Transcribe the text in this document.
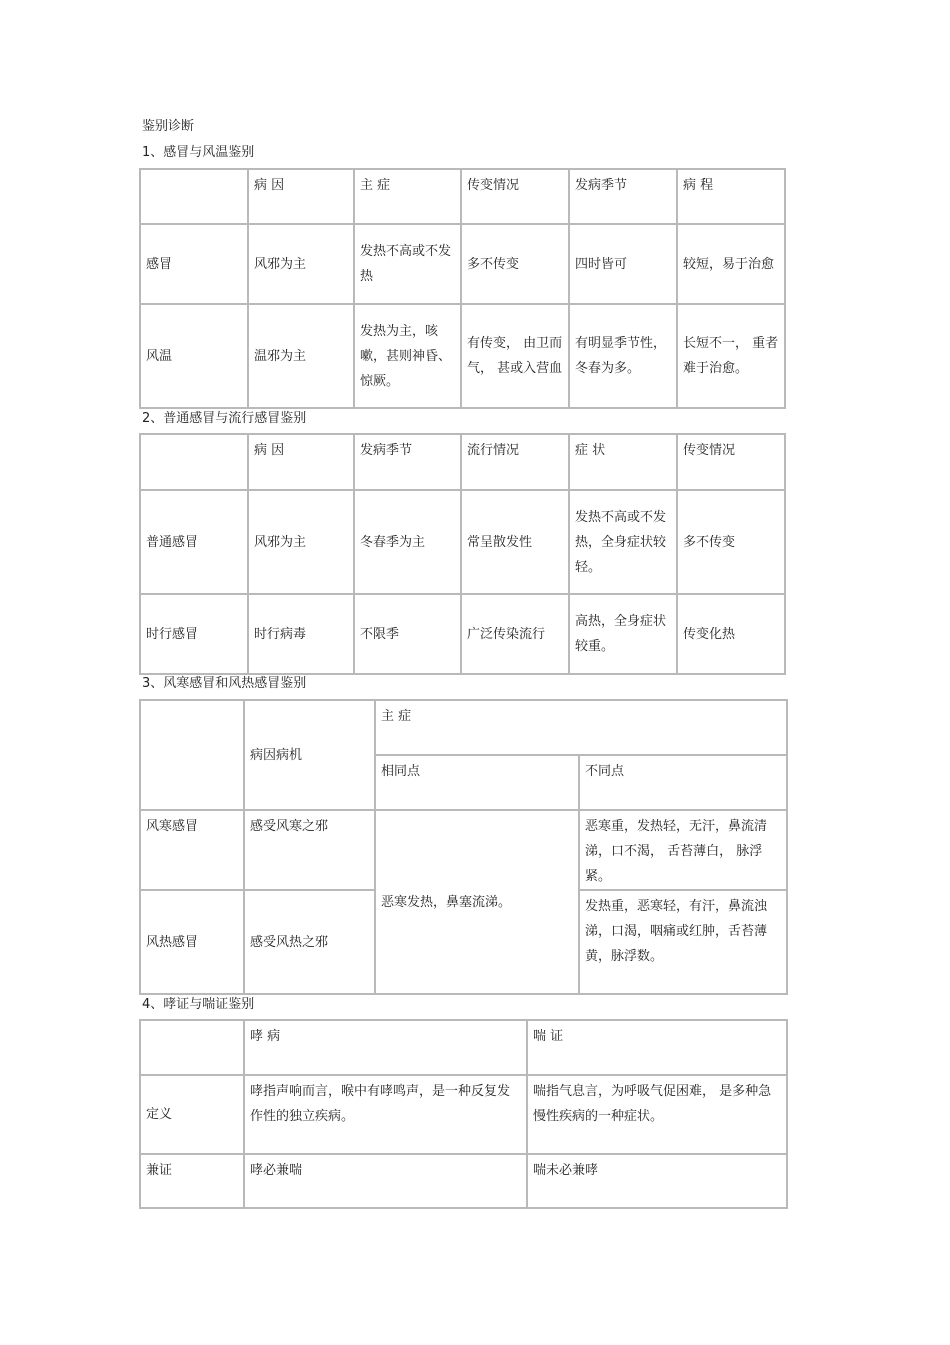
鉴别诊断
1、感冒与风温鉴别
	病 因	主 症	传变情况	发病季节	病 程
感冒	风邪为主	发热不高或不发热	多不传变	四时皆可	较短，易于治愈
风温	温邪为主	发热为主，咳嗽，甚则神昏、惊厥。	有传变， 由卫而气， 甚或入营血	有明显季节性，冬春为多。	长短不一， 重者难于治愈。
2、普通感冒与流行感冒鉴别
	病 因	发病季节	流行情况	症 状	传变情况
普通感冒	风邪为主	冬春季为主	常呈散发性	发热不高或不发热，全身症状较轻。	多不传变
时行感冒	时行病毒	不限季	广泛传染流行	高热，全身症状较重。	传变化热
3、风寒感冒和风热感冒鉴别
	病因病机	主 症	
		相同点	不同点
风寒感冒	感受风寒之邪	恶寒发热，鼻塞流涕。	恶寒重，发热轻，无汗，鼻流清涕，口不渴， 舌苔薄白， 脉浮紧。
风热感冒	感受风热之邪		发热重，恶寒轻，有汗，鼻流浊涕，口渴，咽痛或红肿，舌苔薄黄，脉浮数。
4、哮证与喘证鉴别
	哮 病	喘 证
定义	哮指声响而言，喉中有哮鸣声，是一种反复发作性的独立疾病。	喘指气息言，为呼吸气促困难， 是多种急慢性疾病的一种症状。
兼证	哮必兼喘	喘未必兼哮
